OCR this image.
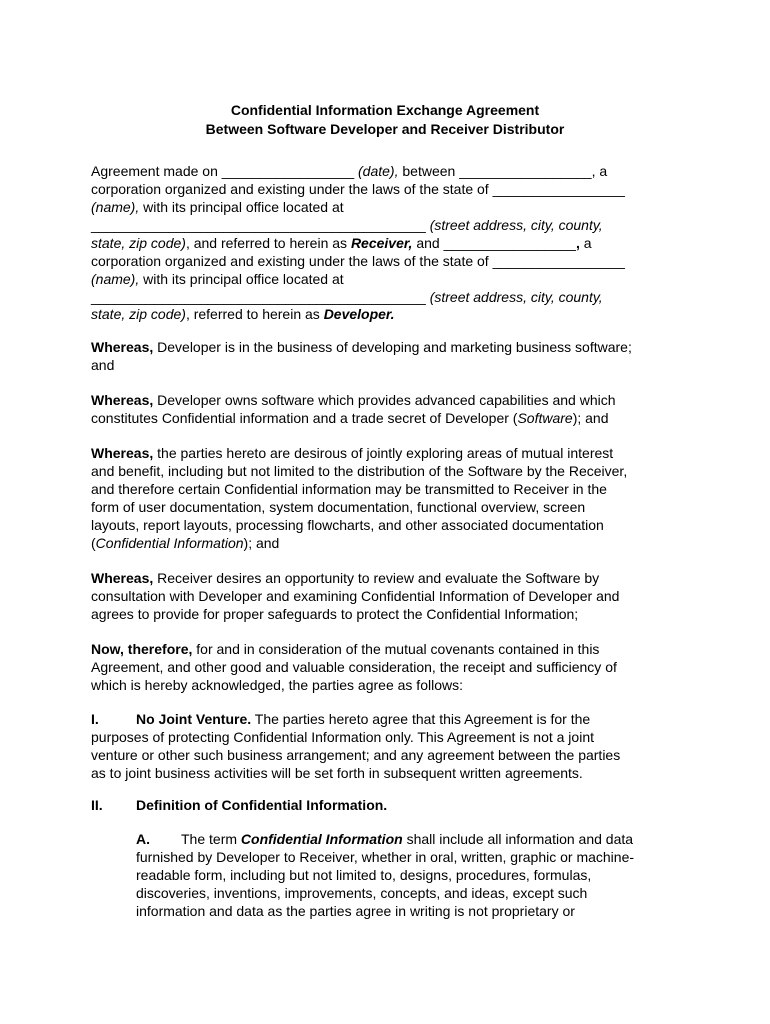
Confidential Information Exchange Agreement
Between Software Developer and Receiver Distributor
Agreement made on _________________ (date), between _________________, a
corporation organized and existing under the laws of the state of _________________
(name), with its principal office located at
___________________________________________ (street address, city, county,
state, zip code), and referred to herein as Receiver, and _________________, a
corporation organized and existing under the laws of the state of _________________
(name), with its principal office located at
___________________________________________ (street address, city, county,
state, zip code), referred to herein as Developer.
Whereas, Developer is in the business of developing and marketing business software;
and
Whereas, Developer owns software which provides advanced capabilities and which
constitutes Confidential information and a trade secret of Developer (Software); and
Whereas, the parties hereto are desirous of jointly exploring areas of mutual interest
and benefit, including but not limited to the distribution of the Software by the Receiver,
and therefore certain Confidential information may be transmitted to Receiver in the
form of user documentation, system documentation, functional overview, screen
layouts, report layouts, processing flowcharts, and other associated documentation
(Confidential Information); and
Whereas, Receiver desires an opportunity to review and evaluate the Software by
consultation with Developer and examining Confidential Information of Developer and
agrees to provide for proper safeguards to protect the Confidential Information;
Now, therefore, for and in consideration of the mutual covenants contained in this
Agreement, and other good and valuable consideration, the receipt and sufficiency of
which is hereby acknowledged, the parties agree as follows:
I.	No Joint Venture. The parties hereto agree that this Agreement is for the
purposes of protecting Confidential Information only. This Agreement is not a joint
venture or other such business arrangement; and any agreement between the parties
as to joint business activities will be set forth in subsequent written agreements.
II. Definition of Confidential Information.
A. The term Confidential Information shall include all information and data
furnished by Developer to Receiver, whether in oral, written, graphic or machine-
readable form, including but not limited to, designs, procedures, formulas,
discoveries, inventions, improvements, concepts, and ideas, except such
information and data as the parties agree in writing is not proprietary or
